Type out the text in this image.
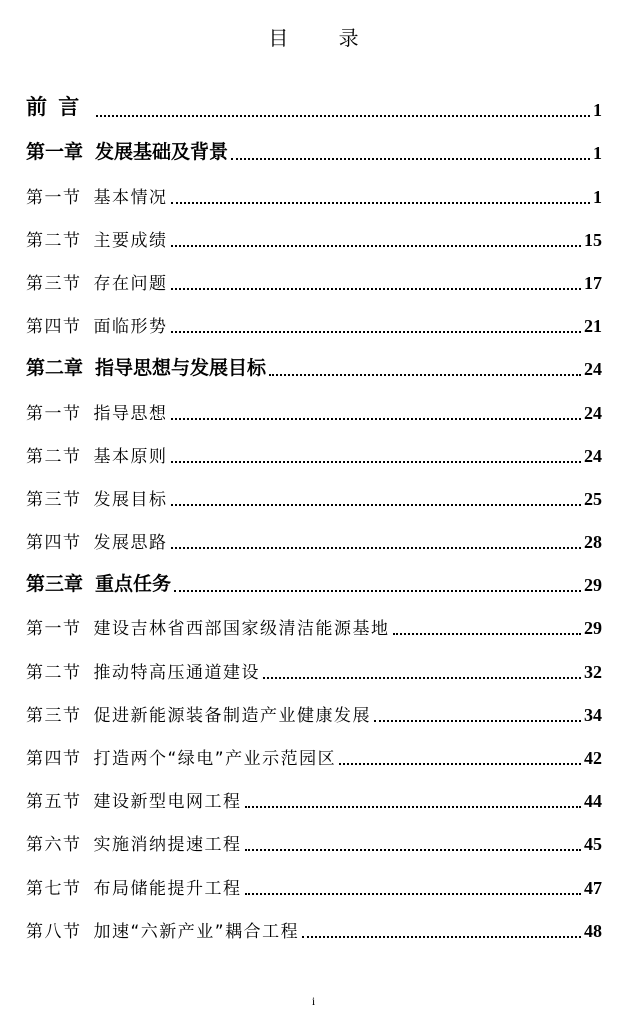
目 录
前 言	1
第一章 发展基础及背景	1
第一节 基本情况	1
第二节 主要成绩	15
第三节 存在问题	17
第四节 面临形势	21
第二章 指导思想与发展目标	24
第一节 指导思想	24
第二节 基本原则	24
第三节 发展目标	25
第四节 发展思路	28
第三章 重点任务	29
第一节 建设吉林省西部国家级清洁能源基地	29
第二节 推动特高压通道建设	32
第三节 促进新能源装备制造产业健康发展	34
第四节 打造两个“绿电”产业示范园区	42
第五节 建设新型电网工程	44
第六节 实施消纳提速工程	45
第七节 布局储能提升工程	47
第八节 加速“六新产业”耦合工程	48
i
